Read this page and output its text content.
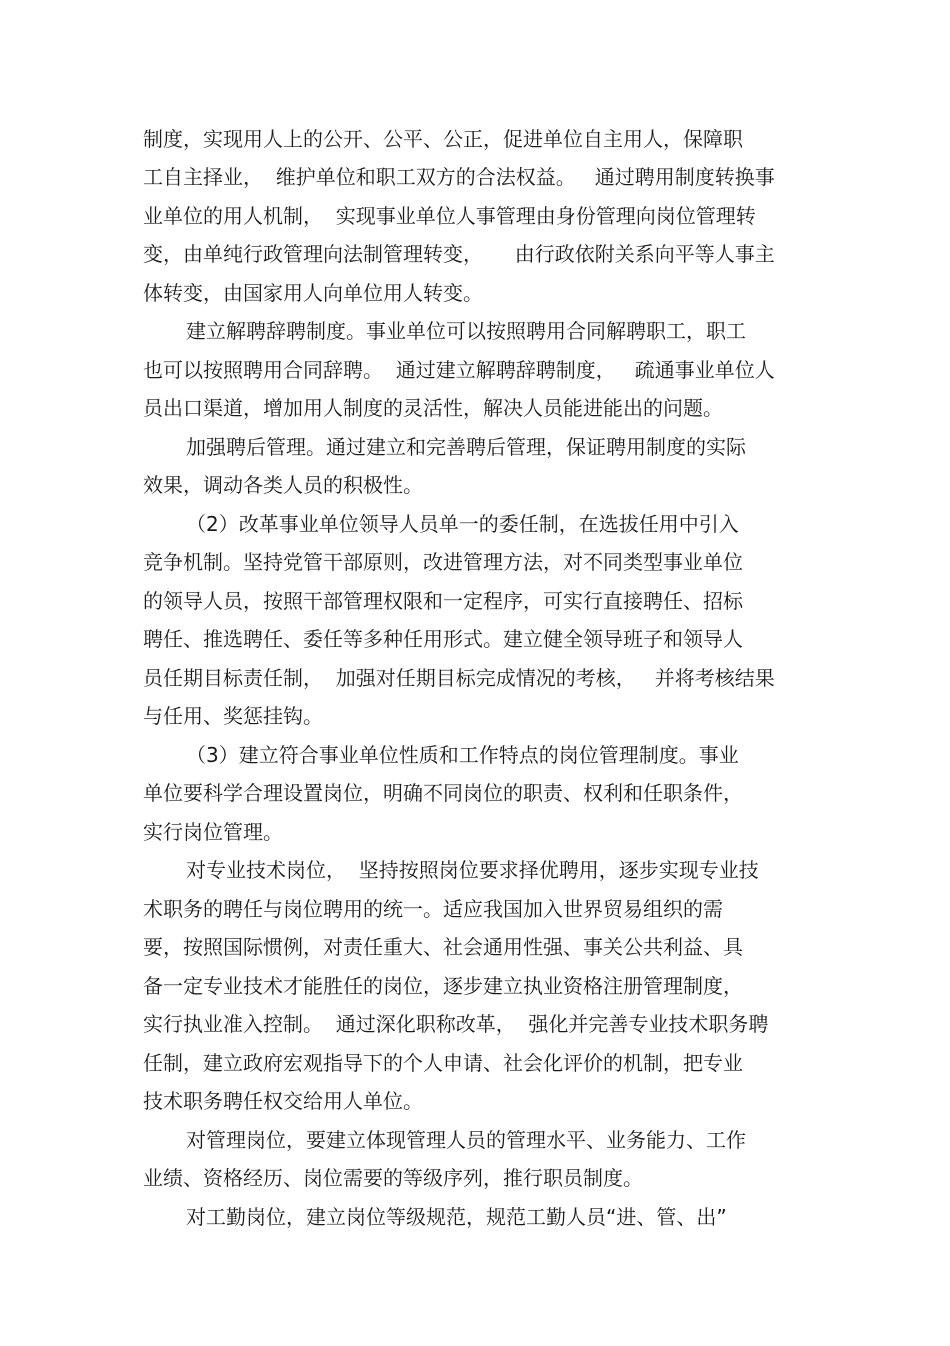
制度，实现用人上的公开、公平、公正，促进单位自主用人，保障职

工自主择业，  维护单位和职工双方的合法权益。   通过聘用制度转换事

业单位的用人机制，  实现事业单位人事管理由身份管理向岗位管理转

变，由单纯行政管理向法制管理转变，     由行政依附关系向平等人事主

体转变，由国家用人向单位用人转变。

建立解聘辞聘制度。事业单位可以按照聘用合同解聘职工，职工

也可以按照聘用合同辞聘。  通过建立解聘辞聘制度，   疏通事业单位人

员出口渠道，增加用人制度的灵活性，解决人员能进能出的问题。

加强聘后管理。通过建立和完善聘后管理，保证聘用制度的实际

效果，调动各类人员的积极性。

（2）改革事业单位领导人员单一的委任制，在选拔任用中引入

竞争机制。坚持党管干部原则，改进管理方法，对不同类型事业单位

的领导人员，按照干部管理权限和一定程序，可实行直接聘任、招标

聘任、推选聘任、委任等多种任用形式。建立健全领导班子和领导人

员任期目标责任制，  加强对任期目标完成情况的考核，   并将考核结果

与任用、奖惩挂钩。

（3）建立符合事业单位性质和工作特点的岗位管理制度。事业

单位要科学合理设置岗位，明确不同岗位的职责、权利和任职条件，

实行岗位管理。

对专业技术岗位，  坚持按照岗位要求择优聘用，逐步实现专业技

术职务的聘任与岗位聘用的统一。适应我国加入世界贸易组织的需

要，按照国际惯例，对责任重大、社会通用性强、事关公共利益、具

备一定专业技术才能胜任的岗位，逐步建立执业资格注册管理制度，

实行执业准入控制。  通过深化职称改革，  强化并完善专业技术职务聘

任制，建立政府宏观指导下的个人申请、社会化评价的机制，把专业

技术职务聘任权交给用人单位。

对管理岗位，要建立体现管理人员的管理水平、业务能力、工作

业绩、资格经历、岗位需要的等级序列，推行职员制度。

对工勤岗位，建立岗位等级规范，规范工勤人员“进、管、出”
